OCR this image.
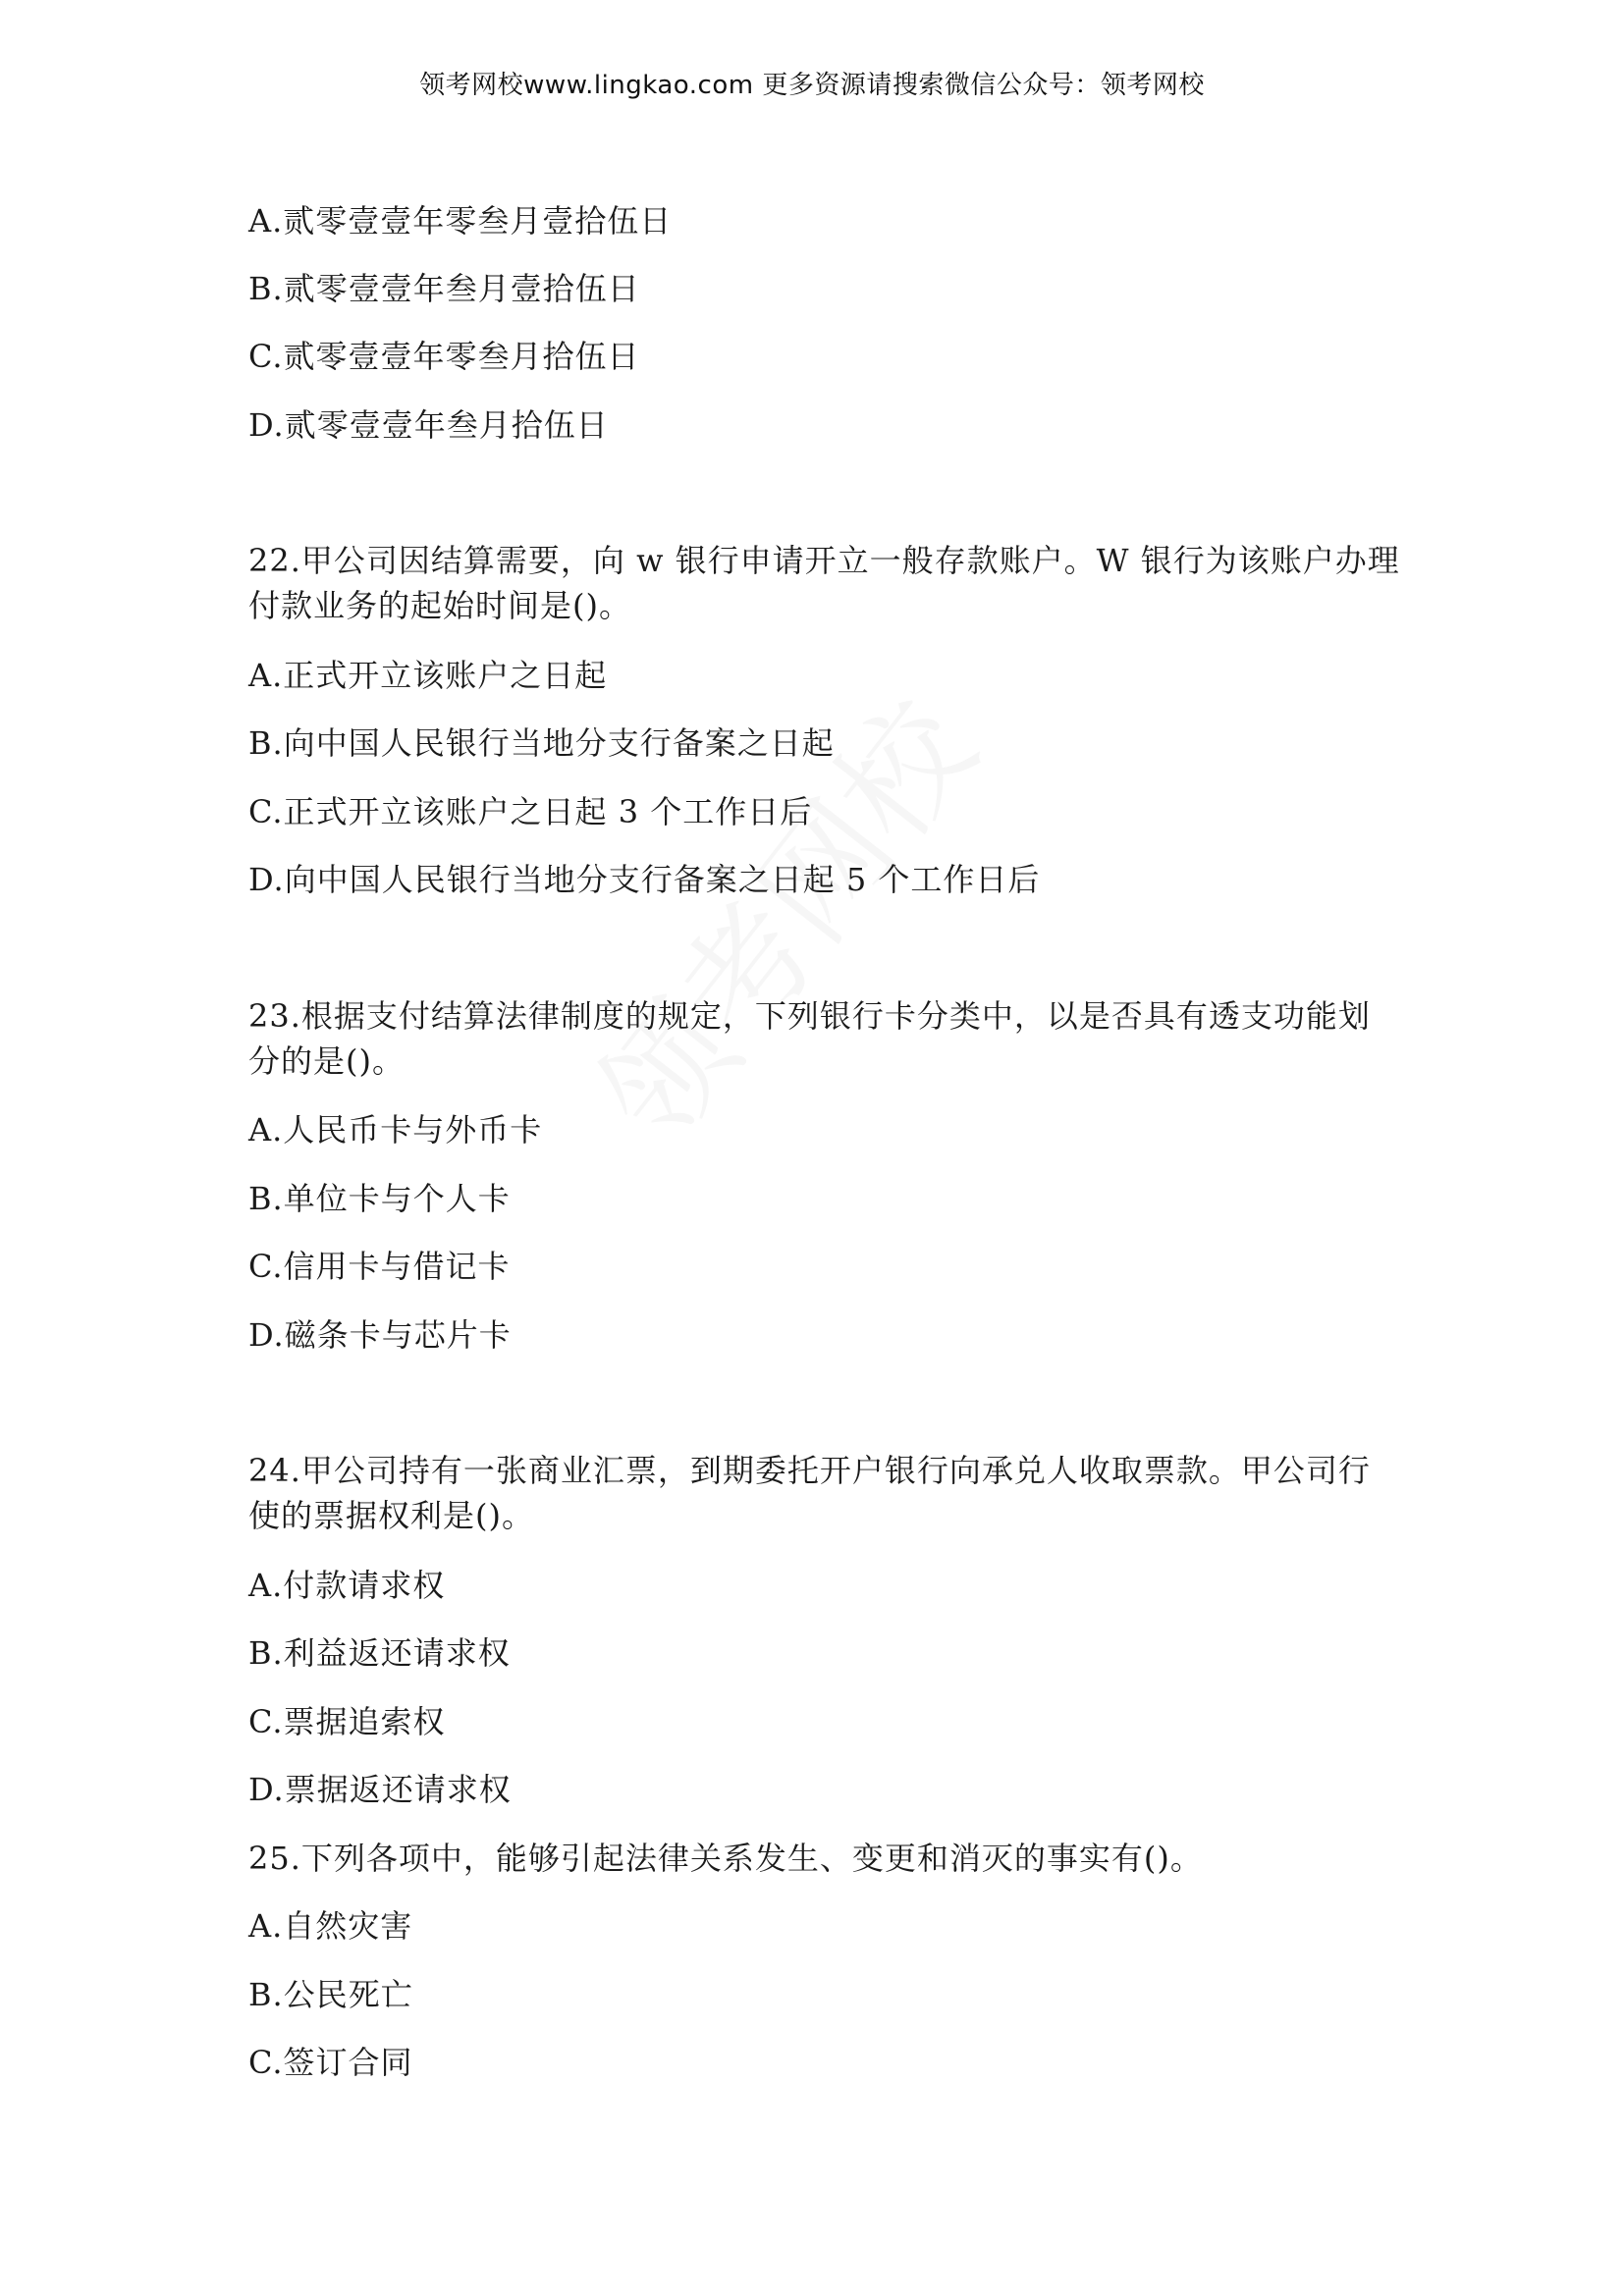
领考网校www.lingkao.com 更多资源请搜索微信公众号：领考网校
A.贰零壹壹年零叁月壹拾伍日
B.贰零壹壹年叁月壹拾伍日
C.贰零壹壹年零叁月拾伍日
D.贰零壹壹年叁月拾伍日
22.甲公司因结算需要，向 w 银行申请开立一般存款账户。W 银行为该账户办理
付款业务的起始时间是()。
A.正式开立该账户之日起
B.向中国人民银行当地分支行备案之日起
C.正式开立该账户之日起 3 个工作日后
D.向中国人民银行当地分支行备案之日起 5 个工作日后
23.根据支付结算法律制度的规定，下列银行卡分类中，以是否具有透支功能划
分的是()。
A.人民币卡与外币卡
B.单位卡与个人卡
C.信用卡与借记卡
D.磁条卡与芯片卡
24.甲公司持有一张商业汇票，到期委托开户银行向承兑人收取票款。甲公司行
使的票据权利是()。
A.付款请求权
B.利益返还请求权
C.票据追索权
D.票据返还请求权
25.下列各项中，能够引起法律关系发生、变更和消灭的事实有()。
A.自然灾害
B.公民死亡
C.签订合同
